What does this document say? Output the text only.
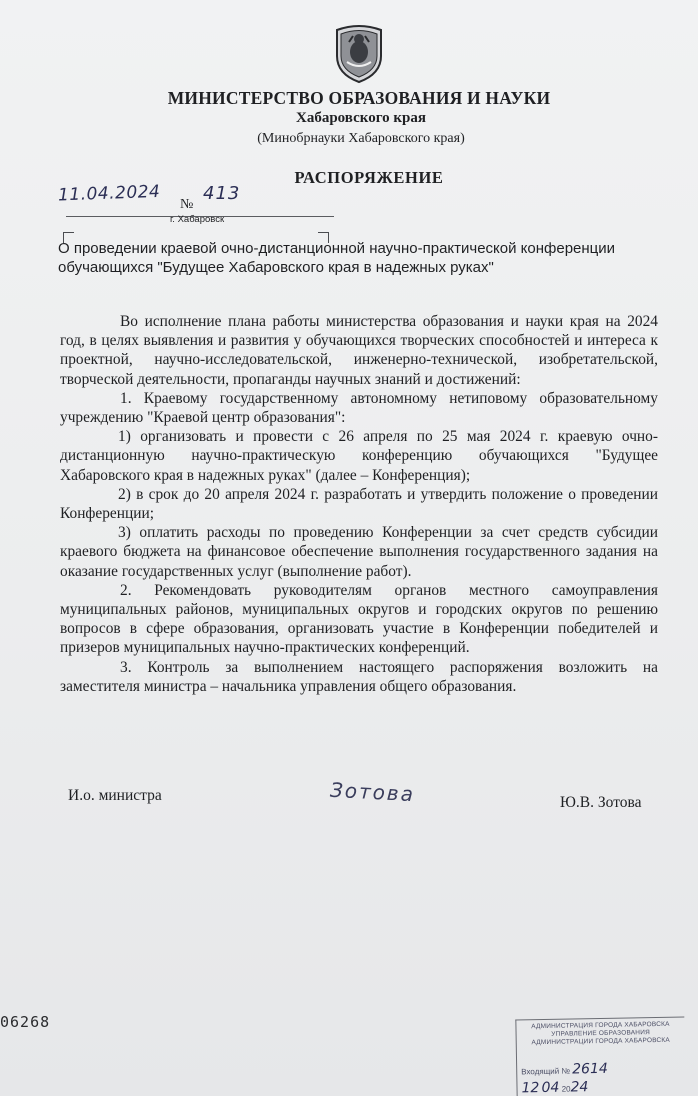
МИНИСТЕРСТВО ОБРАЗОВАНИЯ И НАУКИ

Хабаровского края

(Минобрнауки Хабаровского края)

РАСПОРЯЖЕНИЕ

11.04.2024	№
413
г. Хабаровск

О проведении краевой очно-дистанционной научно-практической конференции обучающихся "Будущее Хабаровского края в надежных руках"

Во исполнение плана работы министерства образования и науки края на 2024 год, в целях выявления и развития у обучающихся творческих способностей и интереса к проектной, научно-исследовательской, инженерно-технической, изобретательской, творческой деятельности, пропаганды научных знаний и достижений:

1. Краевому государственному автономному нетиповому образовательному учреждению "Краевой центр образования":

1) организовать и провести с 26 апреля по 25 мая 2024 г. краевую очно-дистанционную научно-практическую конференцию обучающихся "Будущее Хабаровского края в надежных руках" (далее – Конференция);

2) в срок до 20 апреля 2024 г. разработать и утвердить положение о проведении Конференции;

3) оплатить расходы по проведению Конференции за счет средств субсидии краевого бюджета на финансовое обеспечение выполнения государственного задания на оказание государственных услуг (выполнение работ).

2. Рекомендовать руководителям органов местного самоуправления муниципальных районов, муниципальных округов и городских округов по решению вопросов в сфере образования, организовать участие в Конференции победителей и призеров муниципальных научно-практических конференций.

3. Контроль за выполнением настоящего распоряжения возложить на заместителя министра – начальника управления общего образования.

И.о. министра	Зотова	Ю.В. Зотова
06268	АДМИНИСТРАЦИЯ ГОРОДА ХАБАРОВСКА
УПРАВЛЕНИЕ ОБРАЗОВАНИЯ
АДМИНИСТРАЦИИ ГОРОДА ХАБАРОВСКА
Входящий № 2614
12 04 2024
